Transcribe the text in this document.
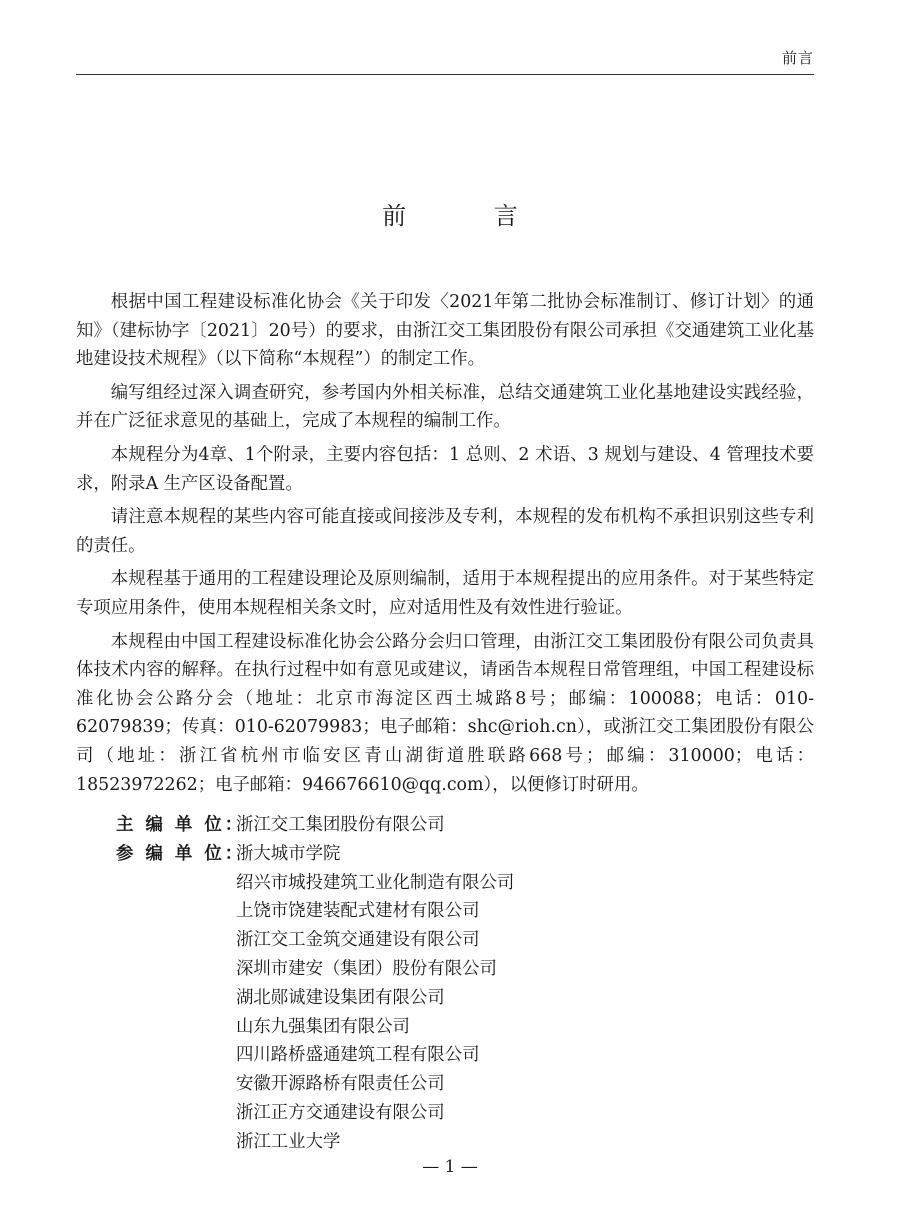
前言
前 言

根据中国工程建设标准化协会《关于印发〈2021年第二批协会标准制订、修订计划〉的通知》（建标协字〔2021〕20号）的要求，由浙江交工集团股份有限公司承担《交通建筑工业化基地建设技术规程》（以下简称“本规程”）的制定工作。

编写组经过深入调查研究，参考国内外相关标准，总结交通建筑工业化基地建设实践经验，并在广泛征求意见的基础上，完成了本规程的编制工作。

本规程分为4章、1个附录，主要内容包括：1 总则、2 术语、3 规划与建设、4 管理技术要求，附录A 生产区设备配置。

请注意本规程的某些内容可能直接或间接涉及专利，本规程的发布机构不承担识别这些专利的责任。

本规程基于通用的工程建设理论及原则编制，适用于本规程提出的应用条件。对于某些特定专项应用条件，使用本规程相关条文时，应对适用性及有效性进行验证。

本规程由中国工程建设标准化协会公路分会归口管理，由浙江交工集团股份有限公司负责具体技术内容的解释。在执行过程中如有意见或建议，请函告本规程日常管理组，中国工程建设标准化协会公路分会（地址：北京市海淀区西土城路8号；邮编：100088；电话：010-62079839；传真：010-62079983；电子邮箱：shc@rioh.cn），或浙江交工集团股份有限公司（地址：浙江省杭州市临安区青山湖街道胜联路668号；邮编：310000；电话：18523972262；电子邮箱：946676610@qq.com），以便修订时研用。

主 编 单 位：
浙江交工集团股份有限公司
参 编 单 位：
浙大城市学院
绍兴市城投建筑工业化制造有限公司
上饶市饶建装配式建材有限公司
浙江交工金筑交通建设有限公司
深圳市建安（集团）股份有限公司
湖北郧诚建设集团有限公司
山东九强集团有限公司
四川路桥盛通建筑工程有限公司
安徽开源路桥有限责任公司
浙江正方交通建设有限公司
浙江工业大学
— 1 —
